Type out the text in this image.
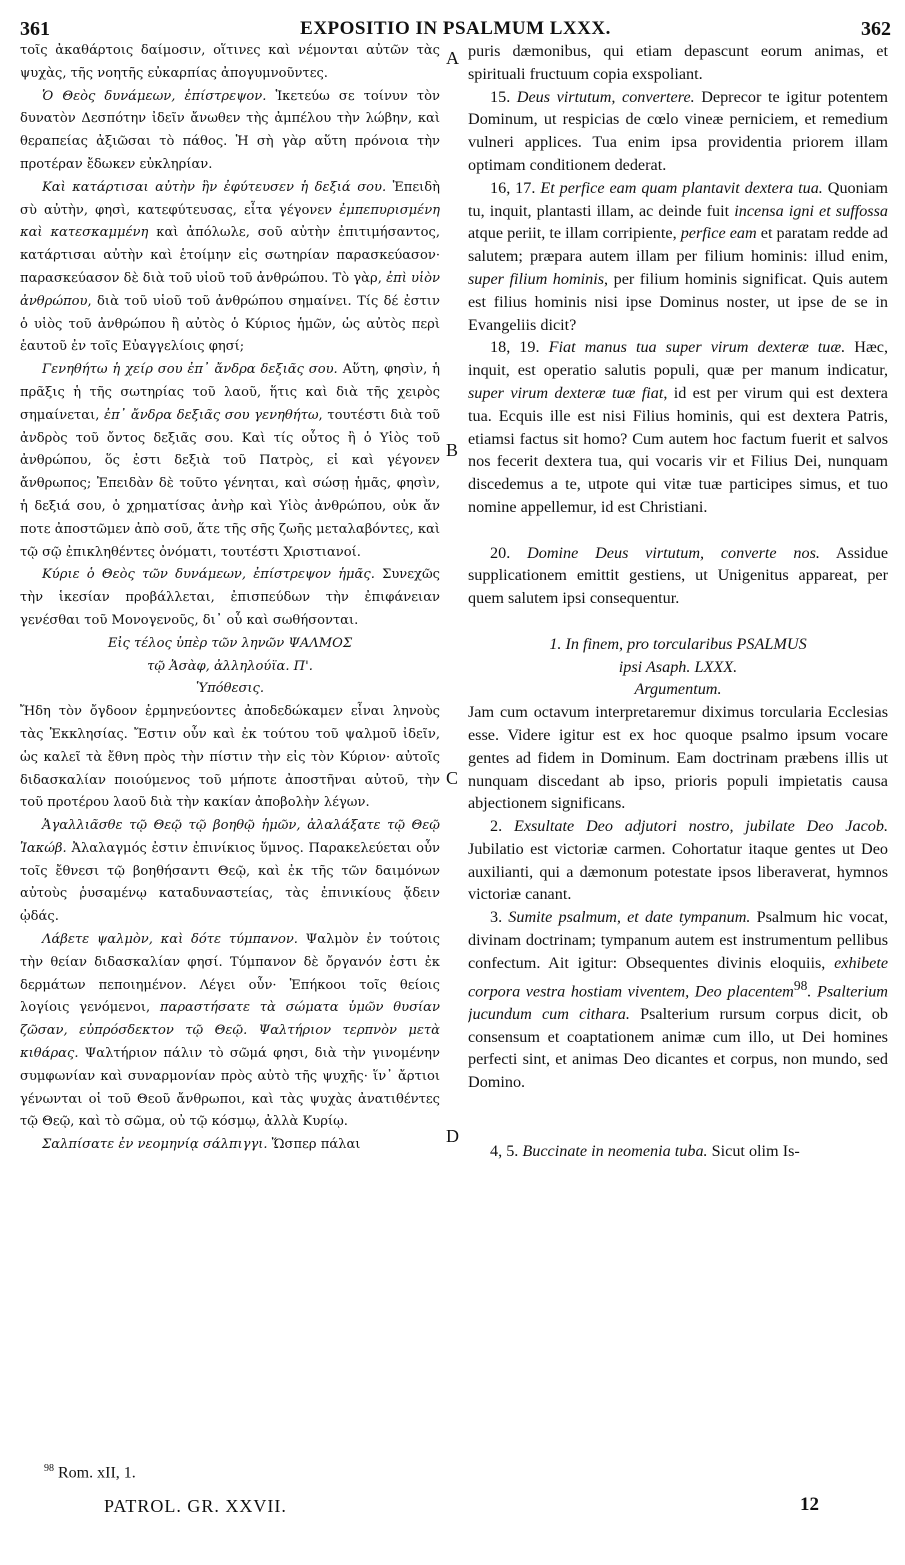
361	EXPOSITIO IN PSALMUM LXXX.	362

τοῖς ἀκαθάρτοις δαίμοσιν, οἵτινες καὶ νέμονται αὐτῶν τὰς ψυχὰς, τῆς νοητῆς εὐκαρπίας ἀπογυμνοῦντες.

Ὁ Θεὸς δυνάμεων, ἐπίστρεψον. Ἱκετεύω σε τοίνυν τὸν δυνατὸν Δεσπότην ἰδεῖν ἄνωθεν τὴς ἀμπέλου τὴν λώβην, καὶ θεραπείας ἀξιῶσαι τὸ πάθος. Ἡ σὴ γὰρ αὕτη πρόνοια τὴν προτέραν ἔδωκεν εὐκληρίαν.

Καὶ κατάρτισαι αὐτὴν ἣν ἐφύτευσεν ἡ δεξιά σου. Ἐπειδὴ σὺ αὐτὴν, φησὶ, κατεφύτευσας, εἶτα γέγονεν ἐμπεπυρισμένη καὶ κατεσκαμμένη καὶ ἀπόλωλε, σοῦ αὐτὴν ἐπιτιμήσαντος, κατάρτισαι αὐτὴν καὶ ἑτοίμην εἰς σωτηρίαν παρασκεύασον· παρασκεύασον δὲ διὰ τοῦ υἱοῦ τοῦ ἀνθρώπου. Τὸ γὰρ, ἐπὶ υἱὸν ἀνθρώπου, διὰ τοῦ υἱοῦ τοῦ ἀνθρώπου σημαίνει. Τίς δέ ἐστιν ὁ υἱὸς τοῦ ἀνθρώπου ἢ αὐτὸς ὁ Κύριος ἡμῶν, ὡς αὐτὸς περὶ ἑαυτοῦ ἐν τοῖς Εὐαγγελίοις φησί;

Γενηθήτω ἡ χείρ σου ἐπ᾽ ἄνδρα δεξιᾶς σου. Αὕτη, φησὶν, ἡ πρᾶξις ἡ τῆς σωτηρίας τοῦ λαοῦ, ἥτις καὶ διὰ τῆς χειρὸς σημαίνεται, ἐπ᾽ ἄνδρα δεξιᾶς σου γενηθήτω, τουτέστι διὰ τοῦ ἀνδρὸς τοῦ ὄντος δεξιᾶς σου. Καὶ τίς οὗτος ἢ ὁ Υἱὸς τοῦ ἀνθρώπου, ὅς ἐστι δεξιὰ τοῦ Πατρὸς, εἰ καὶ γέγονεν ἄνθρωπος; Ἐπειδὰν δὲ τοῦτο γένηται, καὶ σώσῃ ἡμᾶς, φησὶν, ἡ δεξιά σου, ὁ χρηματίσας ἀνὴρ καὶ Υἱὸς ἀνθρώπου, οὐκ ἄν ποτε ἀποστῶμεν ἀπὸ σοῦ, ἅτε τῆς σῆς ζωῆς μεταλαβόντες, καὶ τῷ σῷ ἐπικληθέντες ὀνόματι, τουτέστι Χριστιανοί.

Κύριε ὁ Θεὸς τῶν δυνάμεων, ἐπίστρεψον ἡμᾶς. Συνεχῶς τὴν ἱκεσίαν προβάλλεται, ἐπισπεύδων τὴν ἐπιφάνειαν γενέσθαι τοῦ Μονογενοῦς, δι᾽ οὗ καὶ σωθήσονται.

Εἰς τέλος ὑπὲρ τῶν ληνῶν ΨΑΛΜΟΣ

τῷ Ἀσὰφ, ἀλληλούϊα. Π'.

Ὑπόθεσις.

Ἤδη τὸν ὄγδοον ἑρμηνεύοντες ἀποδεδώκαμεν εἶναι ληνοὺς τὰς Ἐκκλησίας. Ἔστιν οὖν καὶ ἐκ τούτου τοῦ ψαλμοῦ ἰδεῖν, ὡς καλεῖ τὰ ἔθνη πρὸς τὴν πίστιν τὴν εἰς τὸν Κύριον· αὐτοῖς διδασκαλίαν ποιούμενος τοῦ μήποτε ἀποστῆναι αὐτοῦ, τὴν τοῦ προτέρου λαοῦ διὰ τὴν κακίαν ἀποβολὴν λέγων.

Ἀγαλλιᾶσθε τῷ Θεῷ τῷ βοηθῷ ἡμῶν, ἀλαλάξατε τῷ Θεῷ Ἰακώβ. Ἀλαλαγμός ἐστιν ἐπινίκιος ὕμνος. Παρακελεύεται οὖν τοῖς ἔθνεσι τῷ βοηθήσαντι Θεῷ, καὶ ἐκ τῆς τῶν δαιμόνων αὐτοὺς ῥυσαμένῳ καταδυναστείας, τὰς ἐπινικίους ᾄδειν ᾠδάς.

Λάβετε ψαλμὸν, καὶ δότε τύμπανον. Ψαλμὸν ἐν τούτοις τὴν θείαν διδασκαλίαν φησί. Τύμπανον δὲ ὄργανόν ἐστι ἐκ δερμάτων πεποιημένον. Λέγει οὖν· Ἐπήκοοι τοῖς θείοις λογίοις γενόμενοι, παραστήσατε τὰ σώματα ὑμῶν θυσίαν ζῶσαν, εὐπρόσδεκτον τῷ Θεῷ. Ψαλτήριον τερπνὸν μετὰ κιθάρας. Ψαλτήριον πάλιν τὸ σῶμά φησι, διὰ τὴν γινομένην συμφωνίαν καὶ συναρμονίαν πρὸς αὐτὸ τῆς ψυχῆς· ἵν᾽ ἄρτιοι γένωνται οἱ τοῦ Θεοῦ ἄνθρωποι, καὶ τὰς ψυχὰς ἀνατιθέντες τῷ Θεῷ, καὶ τὸ σῶμα, οὐ τῷ κόσμῳ, ἀλλὰ Κυρίῳ.

Σαλπίσατε ἐν νεομηνίᾳ σάλπιγγι. Ὥσπερ πάλαι

A
B
C
D

puris dæmonibus, qui etiam depascunt eorum animas, et spirituali fructuum copia exspoliant.

15. Deus virtutum, convertere. Deprecor te igitur potentem Dominum, ut respicias de cœlo vineæ perniciem, et remedium vulneri applices. Tua enim ipsa providentia priorem illam optimam conditionem dederat.

16, 17. Et perfice eam quam plantavit dextera tua. Quoniam tu, inquit, plantasti illam, ac deinde fuit incensa igni et suffossa atque periit, te illam corripiente, perfice eam et paratam redde ad salutem; præpara autem illam per filium hominis: illud enim, super filium hominis, per filium hominis significat. Quis autem est filius hominis nisi ipse Dominus noster, ut ipse de se in Evangeliis dicit?

18, 19. Fiat manus tua super virum dexteræ tuæ. Hæc, inquit, est operatio salutis populi, quæ per manum indicatur, super virum dexteræ tuæ fiat, id est per virum qui est dextera tua. Ecquis ille est nisi Filius hominis, qui est dextera Patris, etiamsi factus sit homo? Cum autem hoc factum fuerit et salvos nos fecerit dextera tua, qui vocaris vir et Filius Dei, nunquam discedemus a te, utpote qui vitæ tuæ participes simus, et tuo nomine appellemur, id est Christiani.

20. Domine Deus virtutum, converte nos. Assidue supplicationem emittit gestiens, ut Unigenitus appareat, per quem salutem ipsi consequentur.

1. In finem, pro torcularibus PSALMUS

ipsi Asaph. LXXX.

Argumentum.

Jam cum octavum interpretaremur diximus torcularia Ecclesias esse. Videre igitur est ex hoc quoque psalmo ipsum vocare gentes ad fidem in Dominum. Eam doctrinam præbens illis ut nunquam discedant ab ipso, prioris populi impietatis causa abjectionem significans.

2. Exsultate Deo adjutori nostro, jubilate Deo Jacob. Jubilatio est victoriæ carmen. Cohortatur itaque gentes ut Deo auxilianti, qui a dæmonum potestate ipsos liberaverat, hymnos victoriæ canant.

3. Sumite psalmum, et date tympanum. Psalmum hic vocat, divinam doctrinam; tympanum autem est instrumentum pellibus confectum. Ait igitur: Obsequentes divinis eloquiis, exhibete corpora vestra hostiam viventem, Deo placentem$^{98}$. Psalterium jucundum cum cithara. Psalterium rursum corpus dicit, ob consensum et coaptationem animæ cum illo, ut Dei homines perfecti sint, et animas Deo dicantes et corpus, non mundo, sed Domino.

4, 5. Buccinate in neomenia tuba. Sicut olim Is-

$^{98}$ Rom. xII, 1.
PATROL. GR. XXVII.	12
